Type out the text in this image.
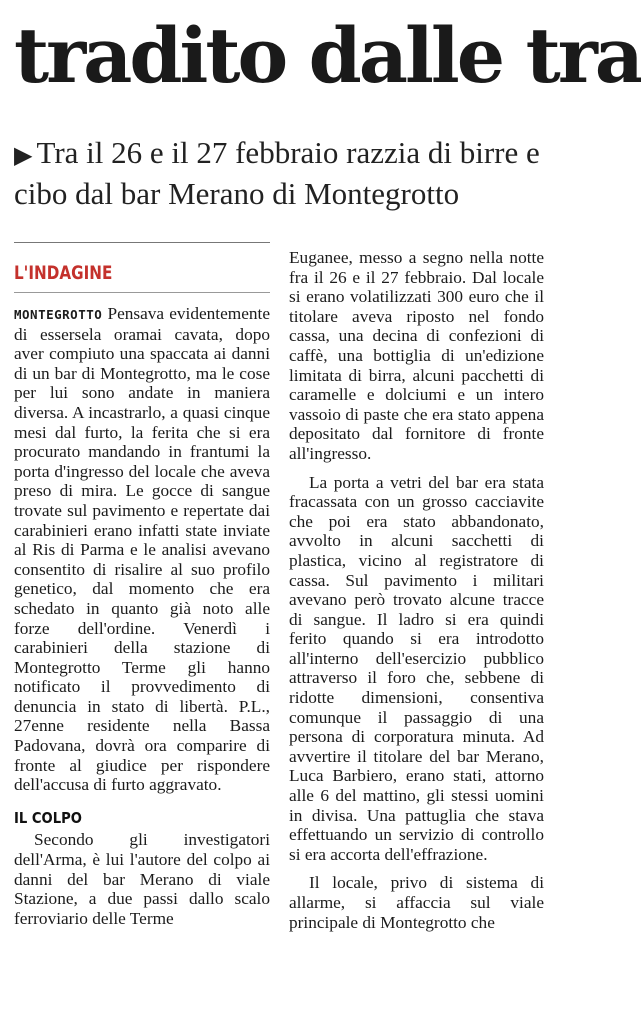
tradito dalle tra
▶ Tra il 26 e il 27 febbraio razzia di birre e cibo dal bar Merano di Montegrotto
L'INDAGINE

MONTEGROTTO Pensava evidentemente di essersela oramai cavata, dopo aver compiuto una spaccata ai danni di un bar di Montegrotto, ma le cose per lui sono andate in maniera diversa. A incastrarlo, a quasi cinque mesi dal furto, la ferita che si era procurato mandando in frantumi la porta d'ingresso del locale che aveva preso di mira. Le gocce di sangue trovate sul pavimento e repertate dai carabinieri erano infatti state inviate al Ris di Parma e le analisi avevano consentito di risalire al suo profilo genetico, dal momento che era schedato in quanto già noto alle forze dell'ordine. Venerdì i carabinieri della stazione di Montegrotto Terme gli hanno notificato il provvedimento di denuncia in stato di libertà. P.L., 27enne residente nella Bassa Padovana, dovrà ora comparire di fronte al giudice per rispondere dell'accusa di furto aggravato.

IL COLPO

Secondo gli investigatori dell'Arma, è lui l'autore del colpo ai danni del bar Merano di viale Stazione, a due passi dallo scalo ferroviario delle Terme

Euganee, messo a segno nella notte fra il 26 e il 27 febbraio. Dal locale si erano volatilizzati 300 euro che il titolare aveva riposto nel fondo cassa, una decina di confezioni di caffè, una bottiglia di un'edizione limitata di birra, alcuni pacchetti di caramelle e dolciumi e un intero vassoio di paste che era stato appena depositato dal fornitore di fronte all'ingresso.

La porta a vetri del bar era stata fracassata con un grosso cacciavite che poi era stato abbandonato, avvolto in alcuni sacchetti di plastica, vicino al registratore di cassa. Sul pavimento i militari avevano però trovato alcune tracce di sangue. Il ladro si era quindi ferito quando si era introdotto all'interno dell'esercizio pubblico attraverso il foro che, sebbene di ridotte dimensioni, consentiva comunque il passaggio di una persona di corporatura minuta. Ad avvertire il titolare del bar Merano, Luca Barbiero, erano stati, attorno alle 6 del mattino, gli stessi uomini in divisa. Una pattuglia che stava effettuando un servizio di controllo si era accorta dell'effrazione.

Il locale, privo di sistema di allarme, si affaccia sul viale principale di Montegrotto che
